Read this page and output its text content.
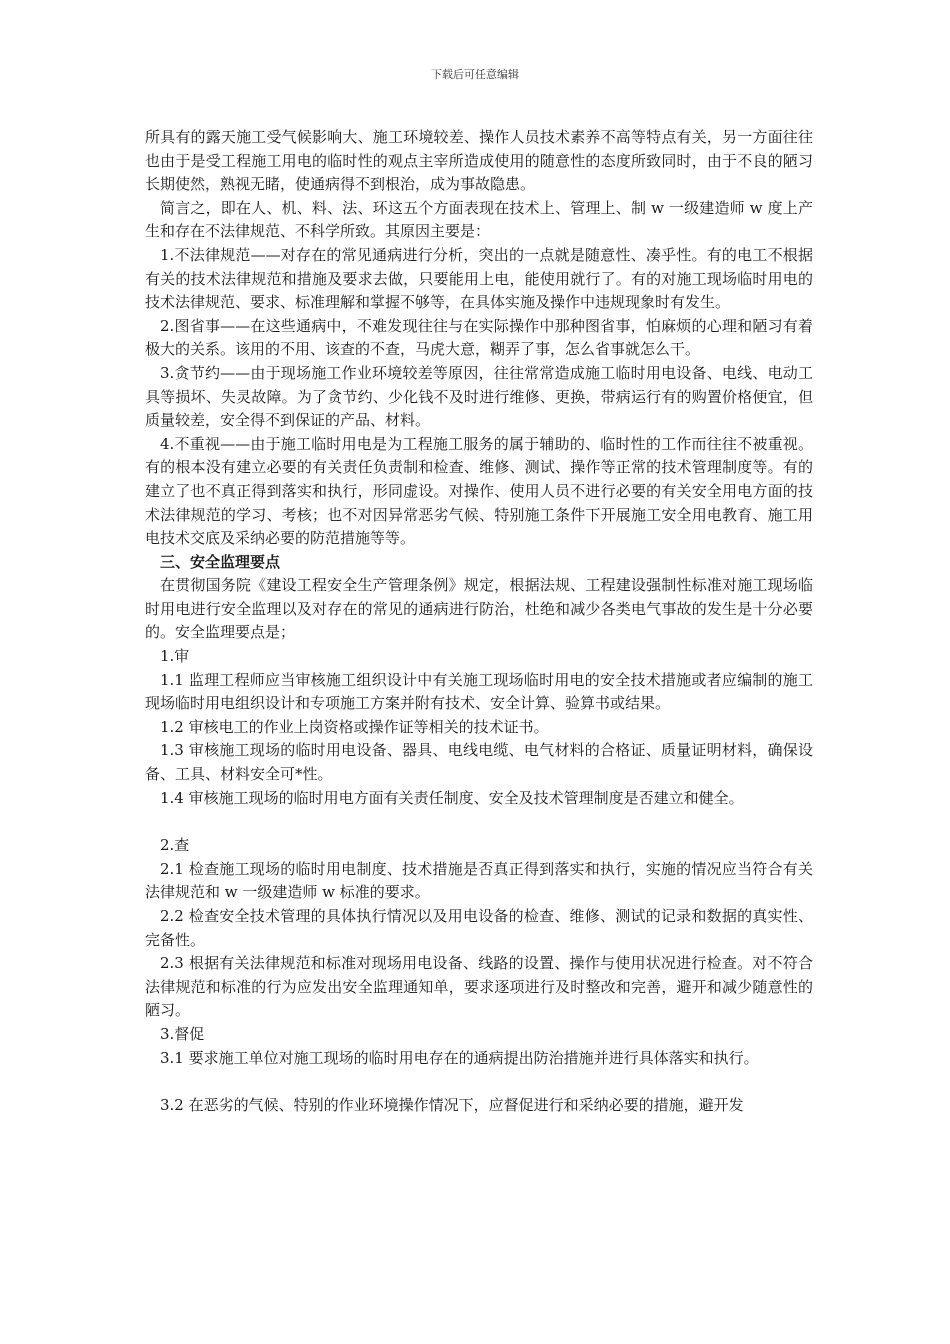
下载后可任意编辑

所具有的露天施工受气候影响大、施工环境较差、操作人员技术素养不高等特点有关，另一方面往往也由于是受工程施工用电的临时性的观点主宰所造成使用的随意性的态度所致同时，由于不良的陋习长期使然，熟视无睹，使通病得不到根治，成为事故隐患。

简言之，即在人、机、料、法、环这五个方面表现在技术上、管理上、制 w 一级建造师 w 度上产生和存在不法律规范、不科学所致。其原因主要是：

1.不法律规范——对存在的常见通病进行分析，突出的一点就是随意性、凑乎性。有的电工不根据有关的技术法律规范和措施及要求去做，只要能用上电，能使用就行了。有的对施工现场临时用电的技术法律规范、要求、标准理解和掌握不够等，在具体实施及操作中违规现象时有发生。

2.图省事——在这些通病中，不难发现往往与在实际操作中那种图省事，怕麻烦的心理和陋习有着极大的关系。该用的不用、该查的不查，马虎大意，糊弄了事，怎么省事就怎么干。

3.贪节约——由于现场施工作业环境较差等原因，往往常常造成施工临时用电设备、电线、电动工具等损坏、失灵故障。为了贪节约、少化钱不及时进行维修、更换，带病运行有的购置价格便宜，但质量较差，安全得不到保证的产品、材料。

4.不重视——由于施工临时用电是为工程施工服务的属于辅助的、临时性的工作而往往不被重视。有的根本没有建立必要的有关责任负责制和检查、维修、测试、操作等正常的技术管理制度等。有的建立了也不真正得到落实和执行，形同虚设。对操作、使用人员不进行必要的有关安全用电方面的技术法律规范的学习、考核；也不对因异常恶劣气候、特别施工条件下开展施工安全用电教育、施工用电技术交底及采纳必要的防范措施等等。

三、安全监理要点

在贯彻国务院《建设工程安全生产管理条例》规定，根据法规、工程建设强制性标准对施工现场临时用电进行安全监理以及对存在的常见的通病进行防治，杜绝和减少各类电气事故的发生是十分必要的。安全监理要点是；

1.审

1.1 监理工程师应当审核施工组织设计中有关施工现场临时用电的安全技术措施或者应编制的施工现场临时用电组织设计和专项施工方案并附有技术、安全计算、验算书或结果。

1.2 审核电工的作业上岗资格或操作证等相关的技术证书。

1.3 审核施工现场的临时用电设备、器具、电线电缆、电气材料的合格证、质量证明材料，确保设备、工具、材料安全可*性。

1.4 审核施工现场的临时用电方面有关责任制度、安全及技术管理制度是否建立和健全。

2.查

2.1 检查施工现场的临时用电制度、技术措施是否真正得到落实和执行，实施的情况应当符合有关法律规范和 w 一级建造师 w 标准的要求。

2.2 检查安全技术管理的具体执行情况以及用电设备的检查、维修、测试的记录和数据的真实性、完备性。

2.3 根据有关法律规范和标准对现场用电设备、线路的设置、操作与使用状况进行检查。对不符合法律规范和标准的行为应发出安全监理通知单，要求逐项进行及时整改和完善，避开和减少随意性的陋习。

3.督促

3.1 要求施工单位对施工现场的临时用电存在的通病提出防治措施并进行具体落实和执行。

3.2 在恶劣的气候、特别的作业环境操作情况下，应督促进行和采纳必要的措施，避开发
